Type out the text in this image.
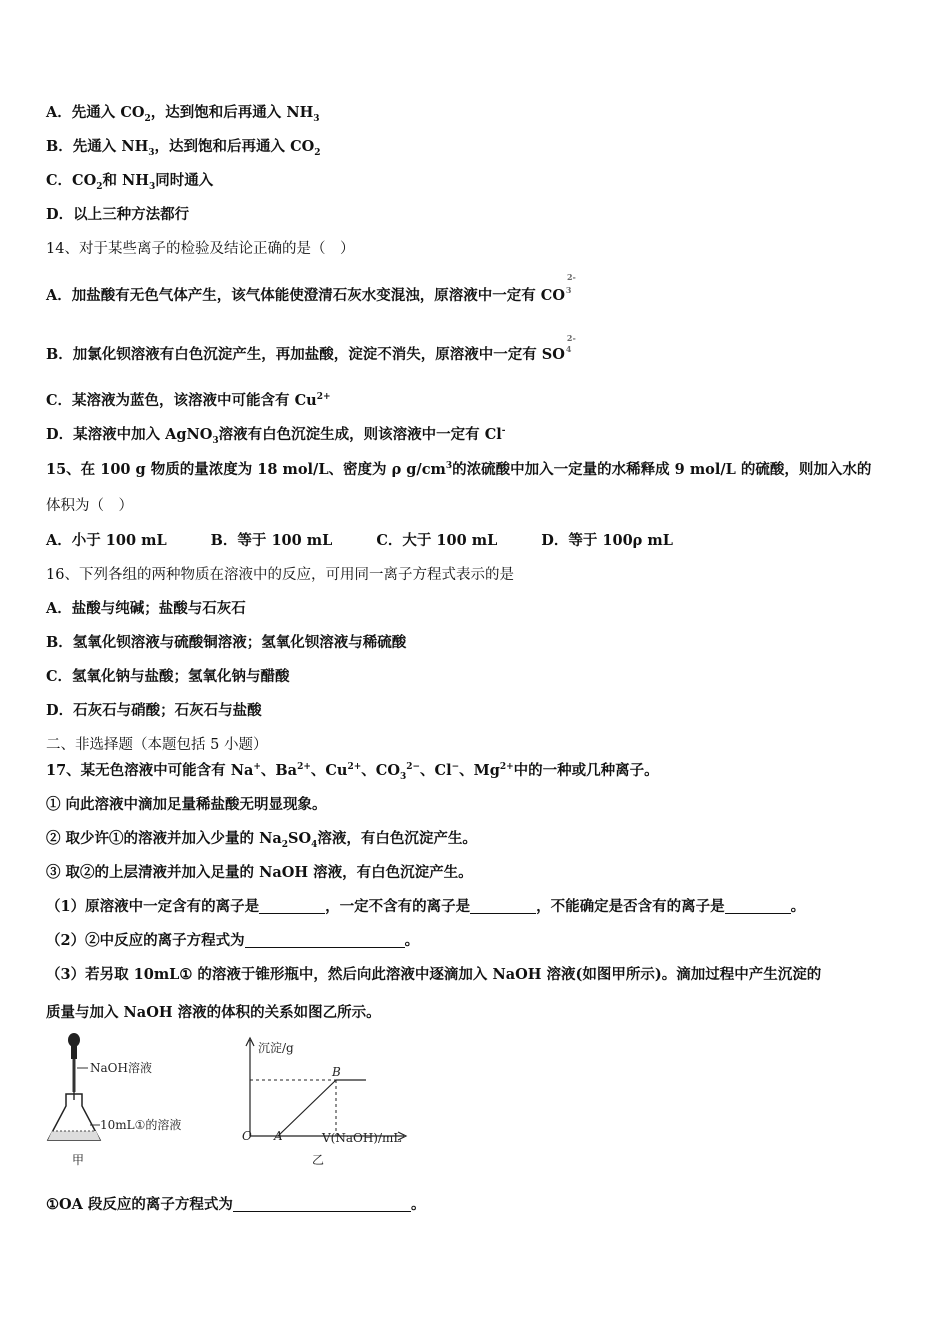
A．先通入 $CO_2$，达到饱和后再通入 $NH_3$
B．先通入 $NH_3$，达到饱和后再通入 $CO_2$
C．$CO_2$和 $NH_3$同时通入
D．以上三种方法都行
14、对于某些离子的检验及结论正确的是（　）
A．加盐酸有无色气体产生，该气体能使澄清石灰水变混浊，原溶液中一定有 CO$^{2-3}$
B．加氯化钡溶液有白色沉淀产生，再加盐酸，淀淀不消失，原溶液中一定有 SO$^{2-4}$
C．某溶液为蓝色，该溶液中可能含有 $Cu^{2+}$
D．某溶液中加入 AgNO$_3$溶液有白色沉淀生成，则该溶液中一定有 Cl-
15、在 100 g 物质的量浓度为 18 mol/L、密度为 ρ $g/cm^3$的浓硫酸中加入一定量的水稀释成 9 mol/L 的硫酸，则加入水的
体积为（　）
A．小于 100 mL	B．等于 100 mL	C．大于 100 mL	D．等于 100ρ mL
16、下列各组的两种物质在溶液中的反应，可用同一离子方程式表示的是
A．盐酸与纯碱；盐酸与石灰石
B．氢氧化钡溶液与硫酸铜溶液；氢氧化钡溶液与稀硫酸
C．氢氧化钠与盐酸；氢氧化钠与醋酸
D．石灰石与硝酸；石灰石与盐酸
二、非选择题（本题包括 5 小题）
17、某无色溶液中可能含有 Na+、$Ba^{2+}$、$Cu^{2+}$、$CO_3^{2-}$、Cl−、$Mg^{2+}$中的一种或几种离子。
① 向此溶液中滴加足量稀盐酸无明显现象。
② 取少许①的溶液并加入少量的 $Na_2SO_4$溶液，有白色沉淀产生。
③ 取②的上层清液并加入足量的 NaOH 溶液，有白色沉淀产生。
（1）原溶液中一定含有的离子是	，一定不含有的离子是	，不能确定是否含有的离子是	。
（2）②中反应的离子方程式为	。
（3）若另取 10mL① 的溶液于锥形瓶中，然后向此溶液中逐滴加入 NaOH 溶液(如图甲所示)。滴加过程中产生沉淀的
质量与加入 NaOH 溶液的体积的关系如图乙所示。
NaOH溶液
10mL①的溶液
甲
沉淀/g
B
O A	V(NaOH)/mL
乙
①OA 段反应的离子方程式为	。
